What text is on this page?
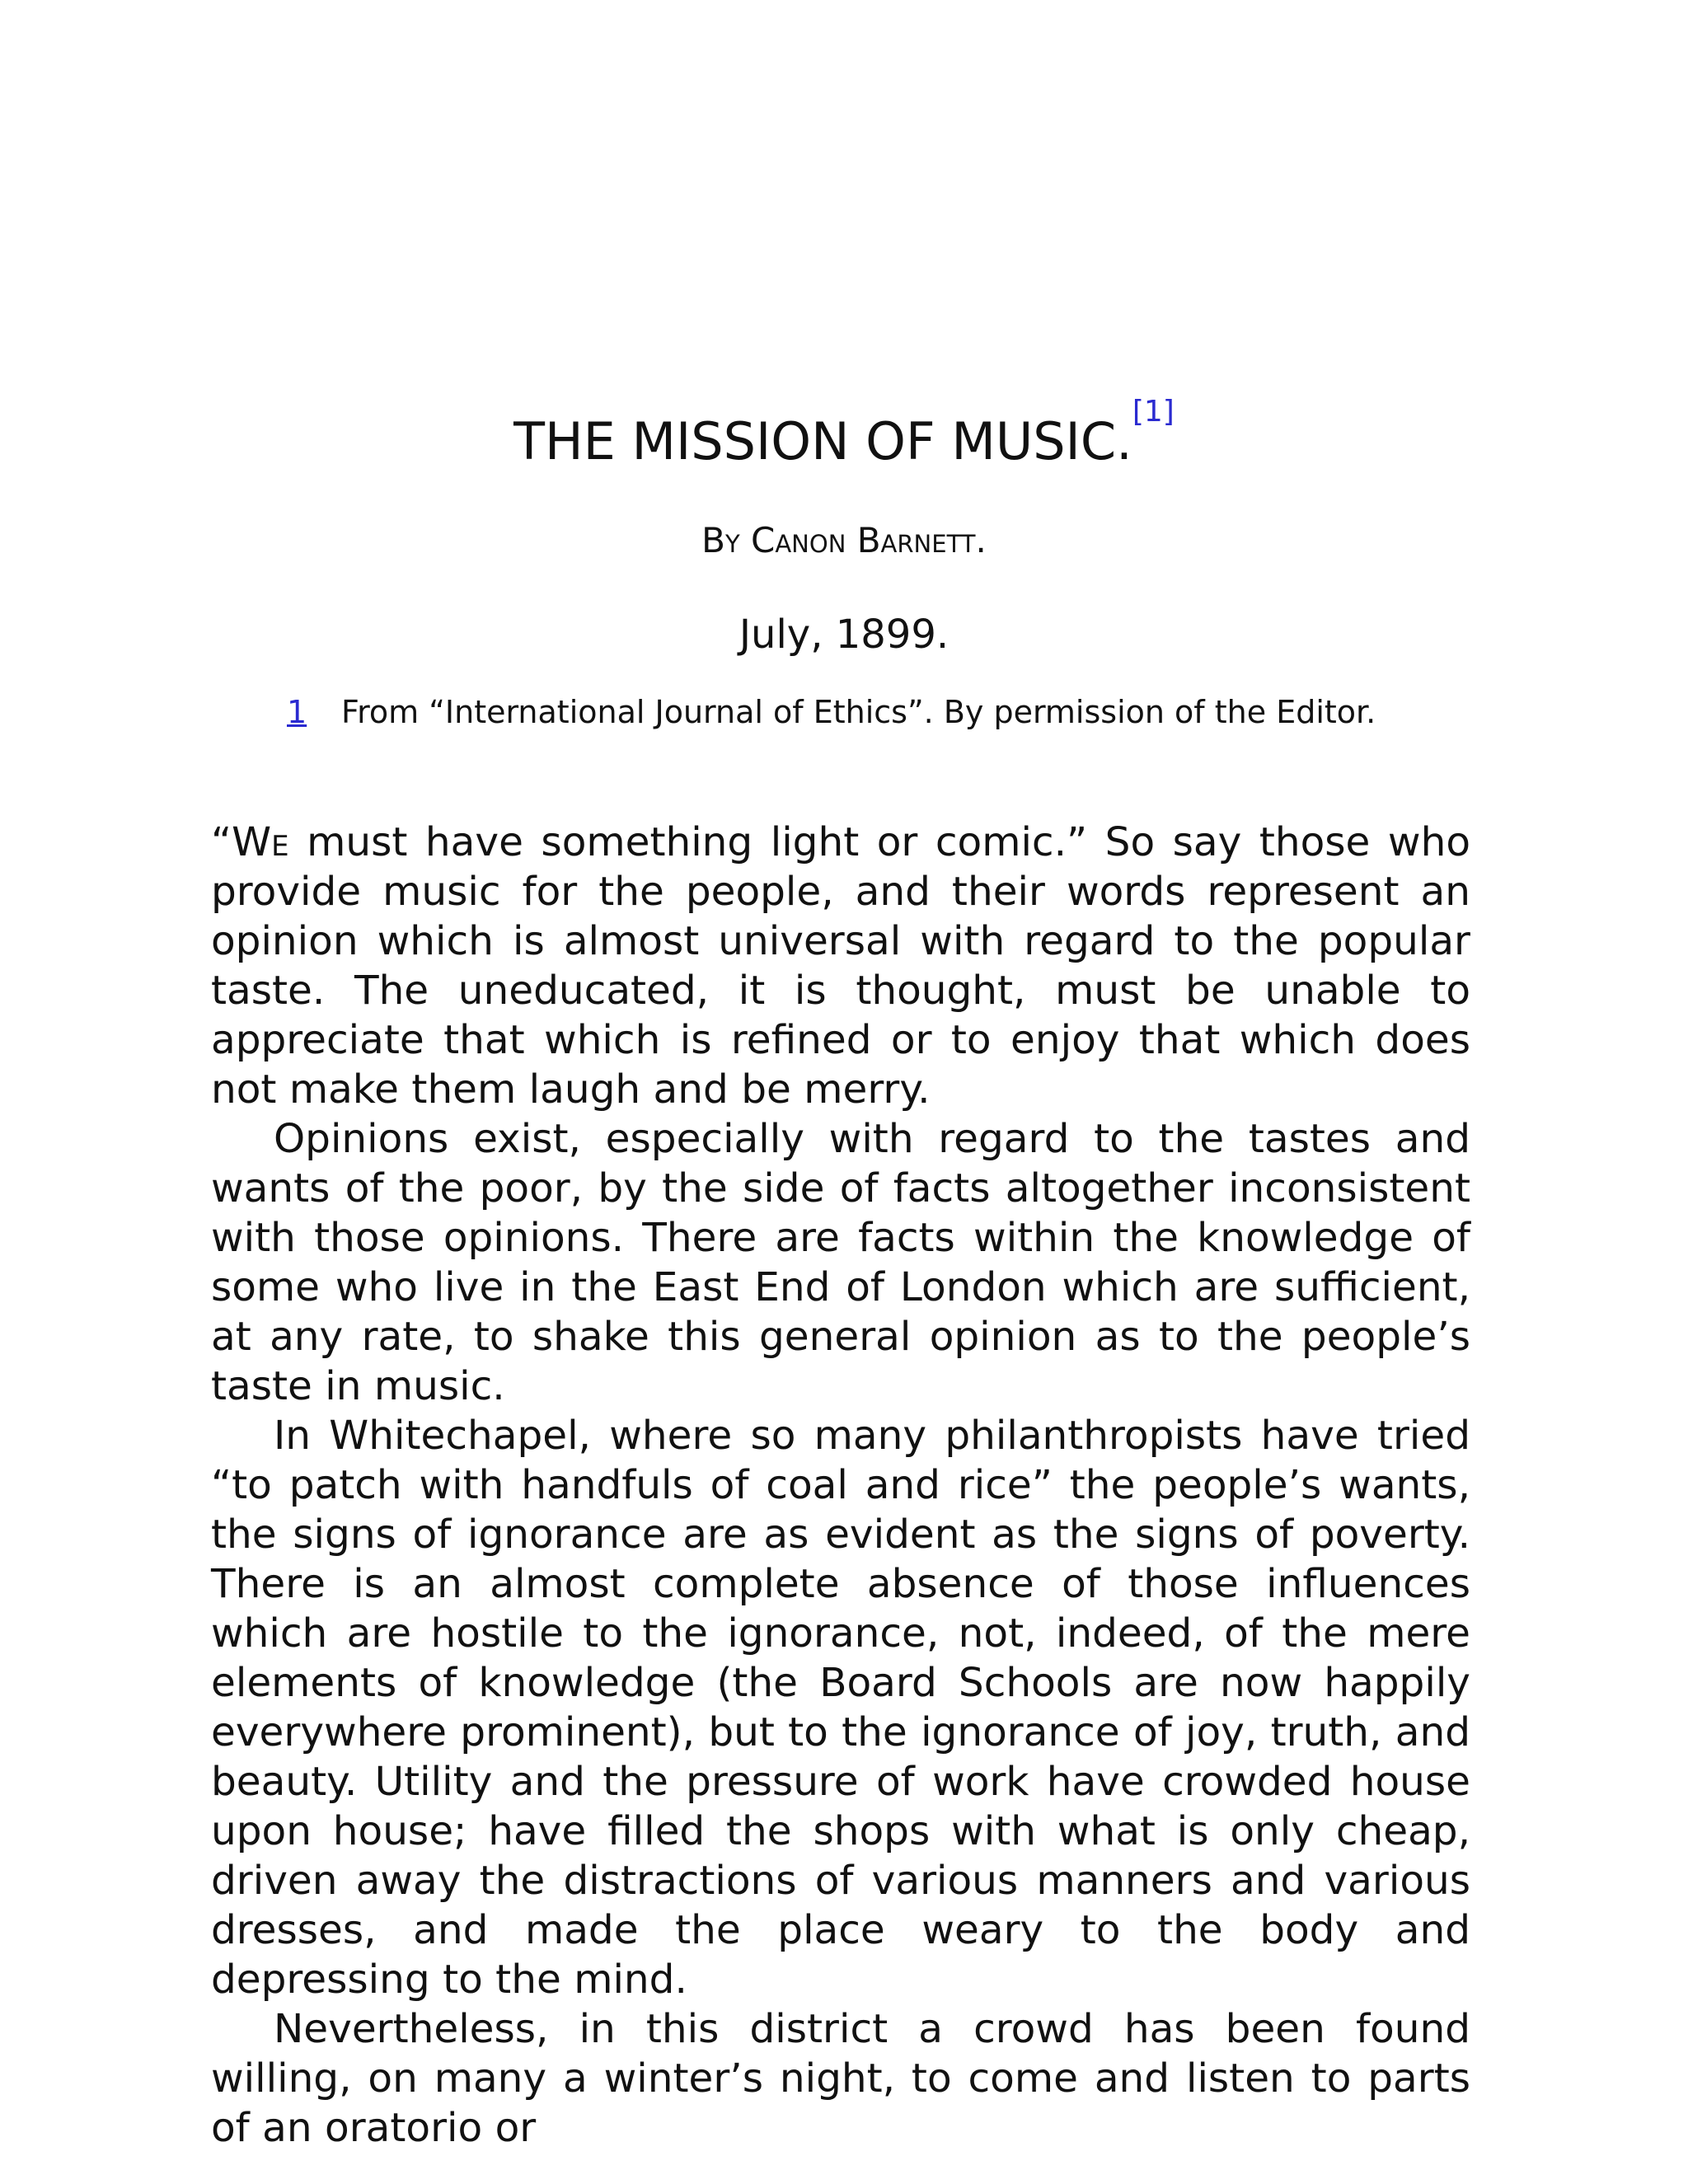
THE MISSION OF MUSIC.[1]
By Canon Barnett.
July, 1899.
1 From “International Journal of Ethics”. By permission of the Editor.

“We must have something light or comic.” So say those who provide music for the people, and their words represent an opinion which is almost universal with regard to the popular taste. The uneducated, it is thought, must be unable to appreciate that which is refined or to enjoy that which does not make them laugh and be merry.

Opinions exist, especially with regard to the tastes and wants of the poor, by the side of facts altogether inconsistent with those opinions. There are facts within the knowledge of some who live in the East End of London which are sufficient, at any rate, to shake this general opinion as to the people’s taste in music.

In Whitechapel, where so many philanthropists have tried “to patch with handfuls of coal and rice” the people’s wants, the signs of ignorance are as evident as the signs of poverty. There is an almost complete absence of those influences which are hostile to the ignorance, not, indeed, of the mere elements of knowledge (the Board Schools are now happily everywhere prominent), but to the ignorance of joy, truth, and beauty. Utility and the pressure of work have crowded house upon house; have filled the shops with what is only cheap, driven away the distractions of various manners and various dresses, and made the place weary to the body and depressing to the mind.

Nevertheless, in this district a crowd has been found willing, on many a winter’s night, to come and listen to parts of an oratorio or
